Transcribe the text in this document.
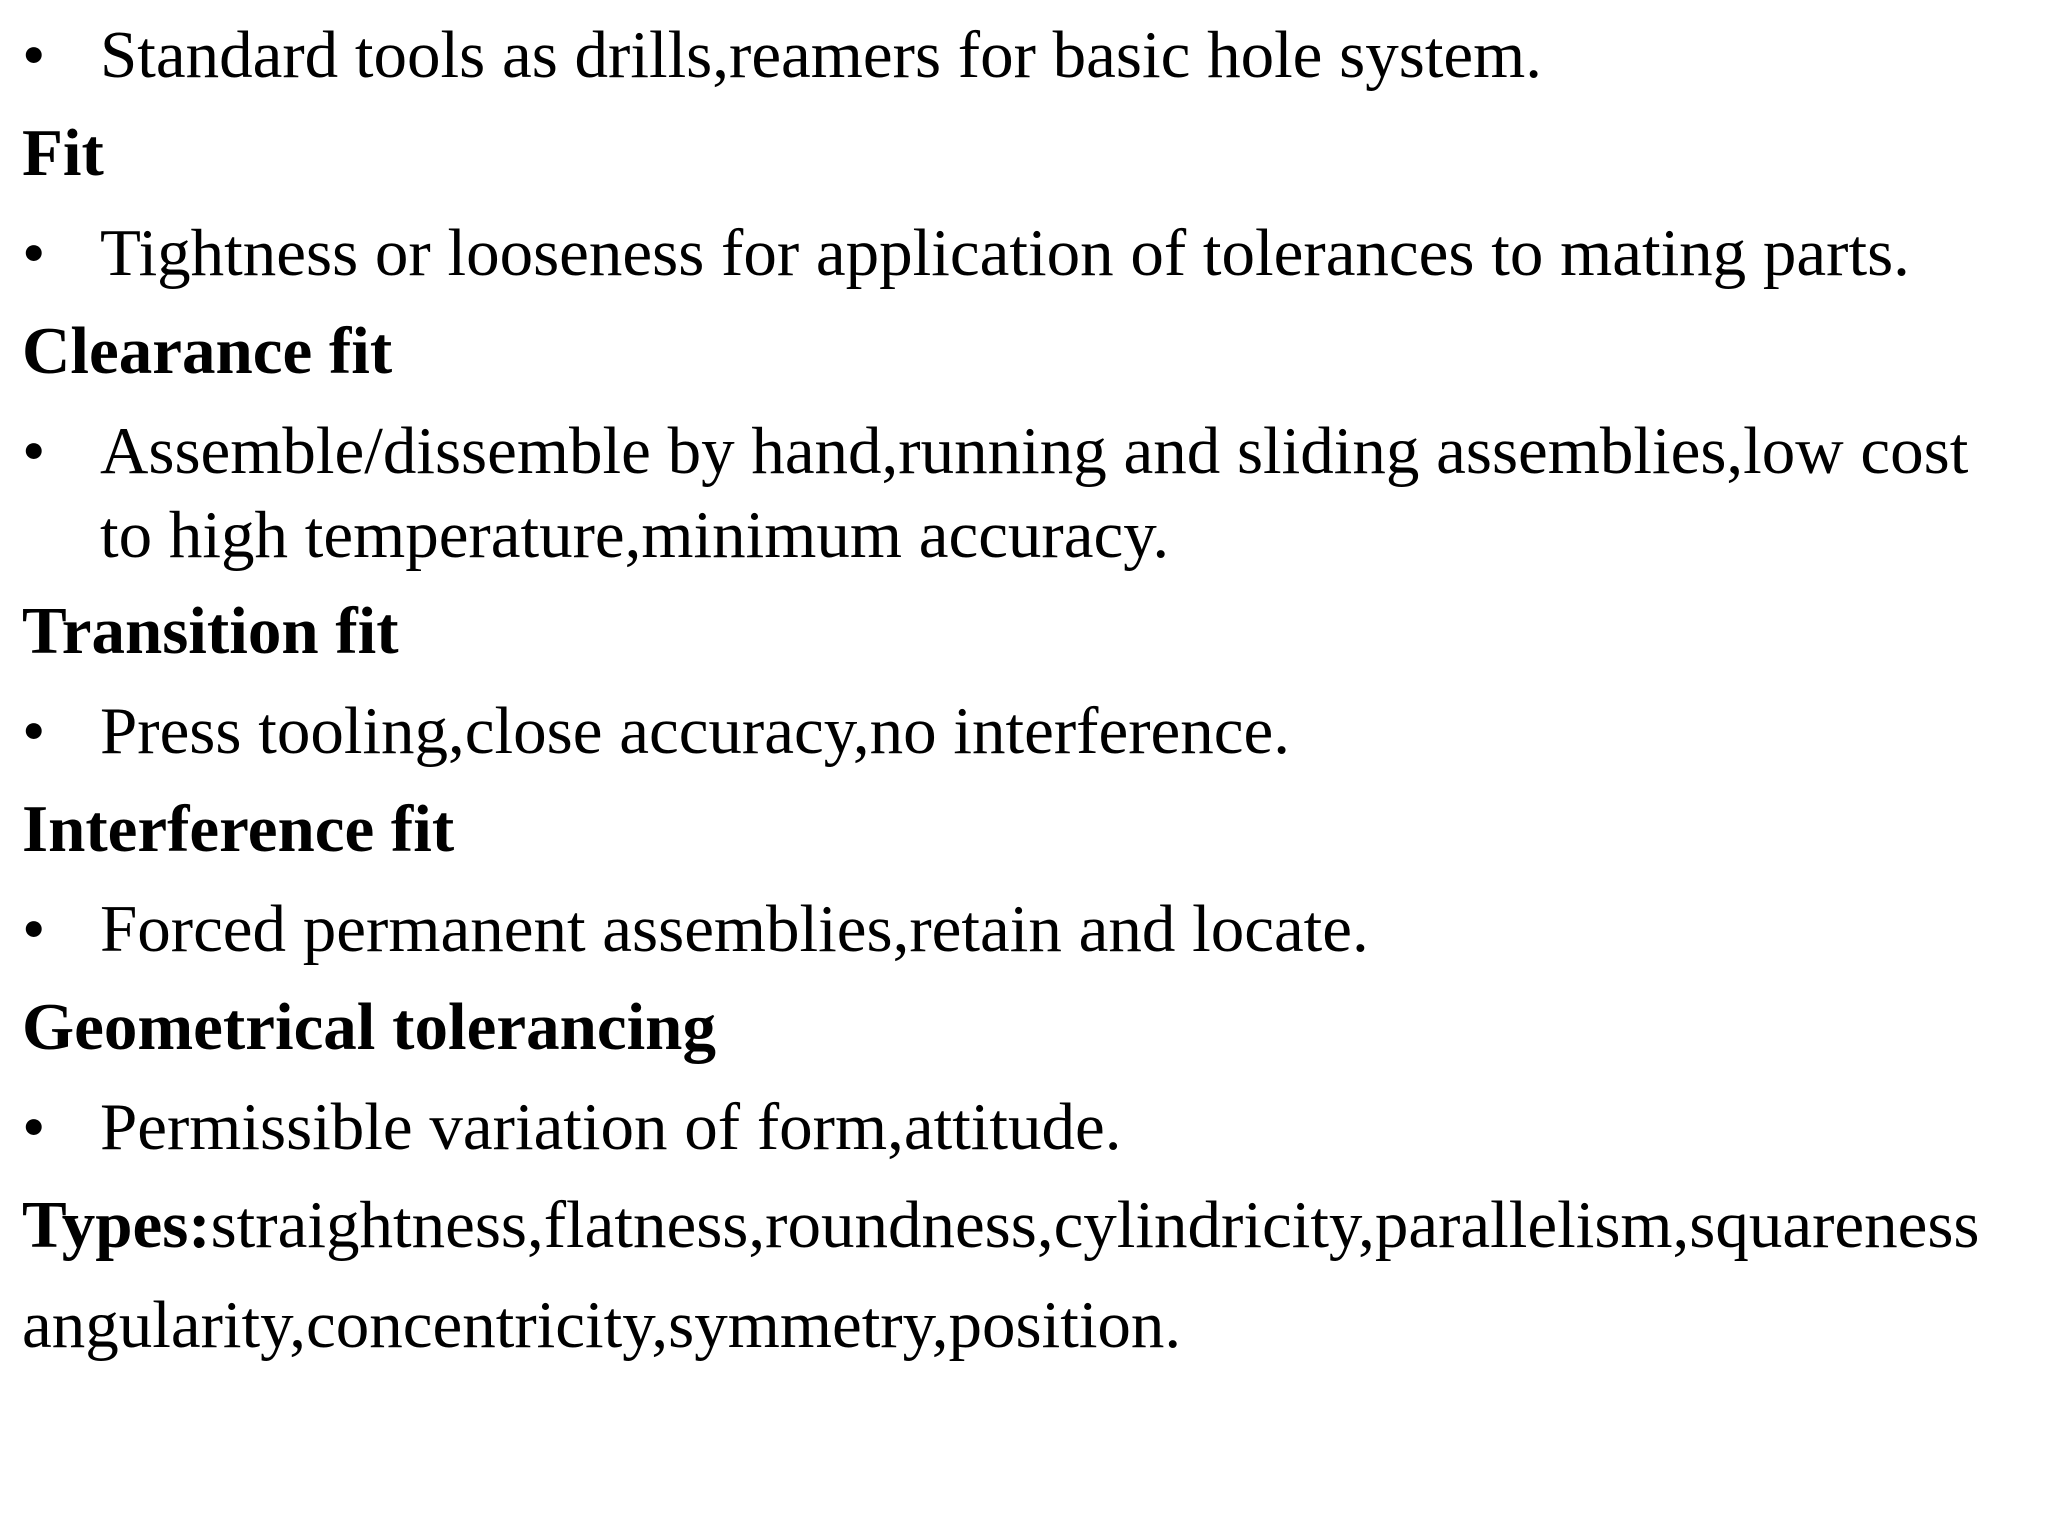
• Standard tools as drills,reamers for basic hole system.
Fit
• Tightness or looseness for application of tolerances to mating parts.
Clearance fit
• Assemble/dissemble by hand,running and sliding assemblies,low cost
to high temperature,minimum accuracy.
Transition fit
• Press tooling,close accuracy,no interference.
Interference fit
• Forced permanent assemblies,retain and locate.
Geometrical tolerancing
• Permissible variation of form,attitude.
Types:straightness,flatness,roundness,cylindricity,parallelism,squareness
angularity,concentricity,symmetry,position.
